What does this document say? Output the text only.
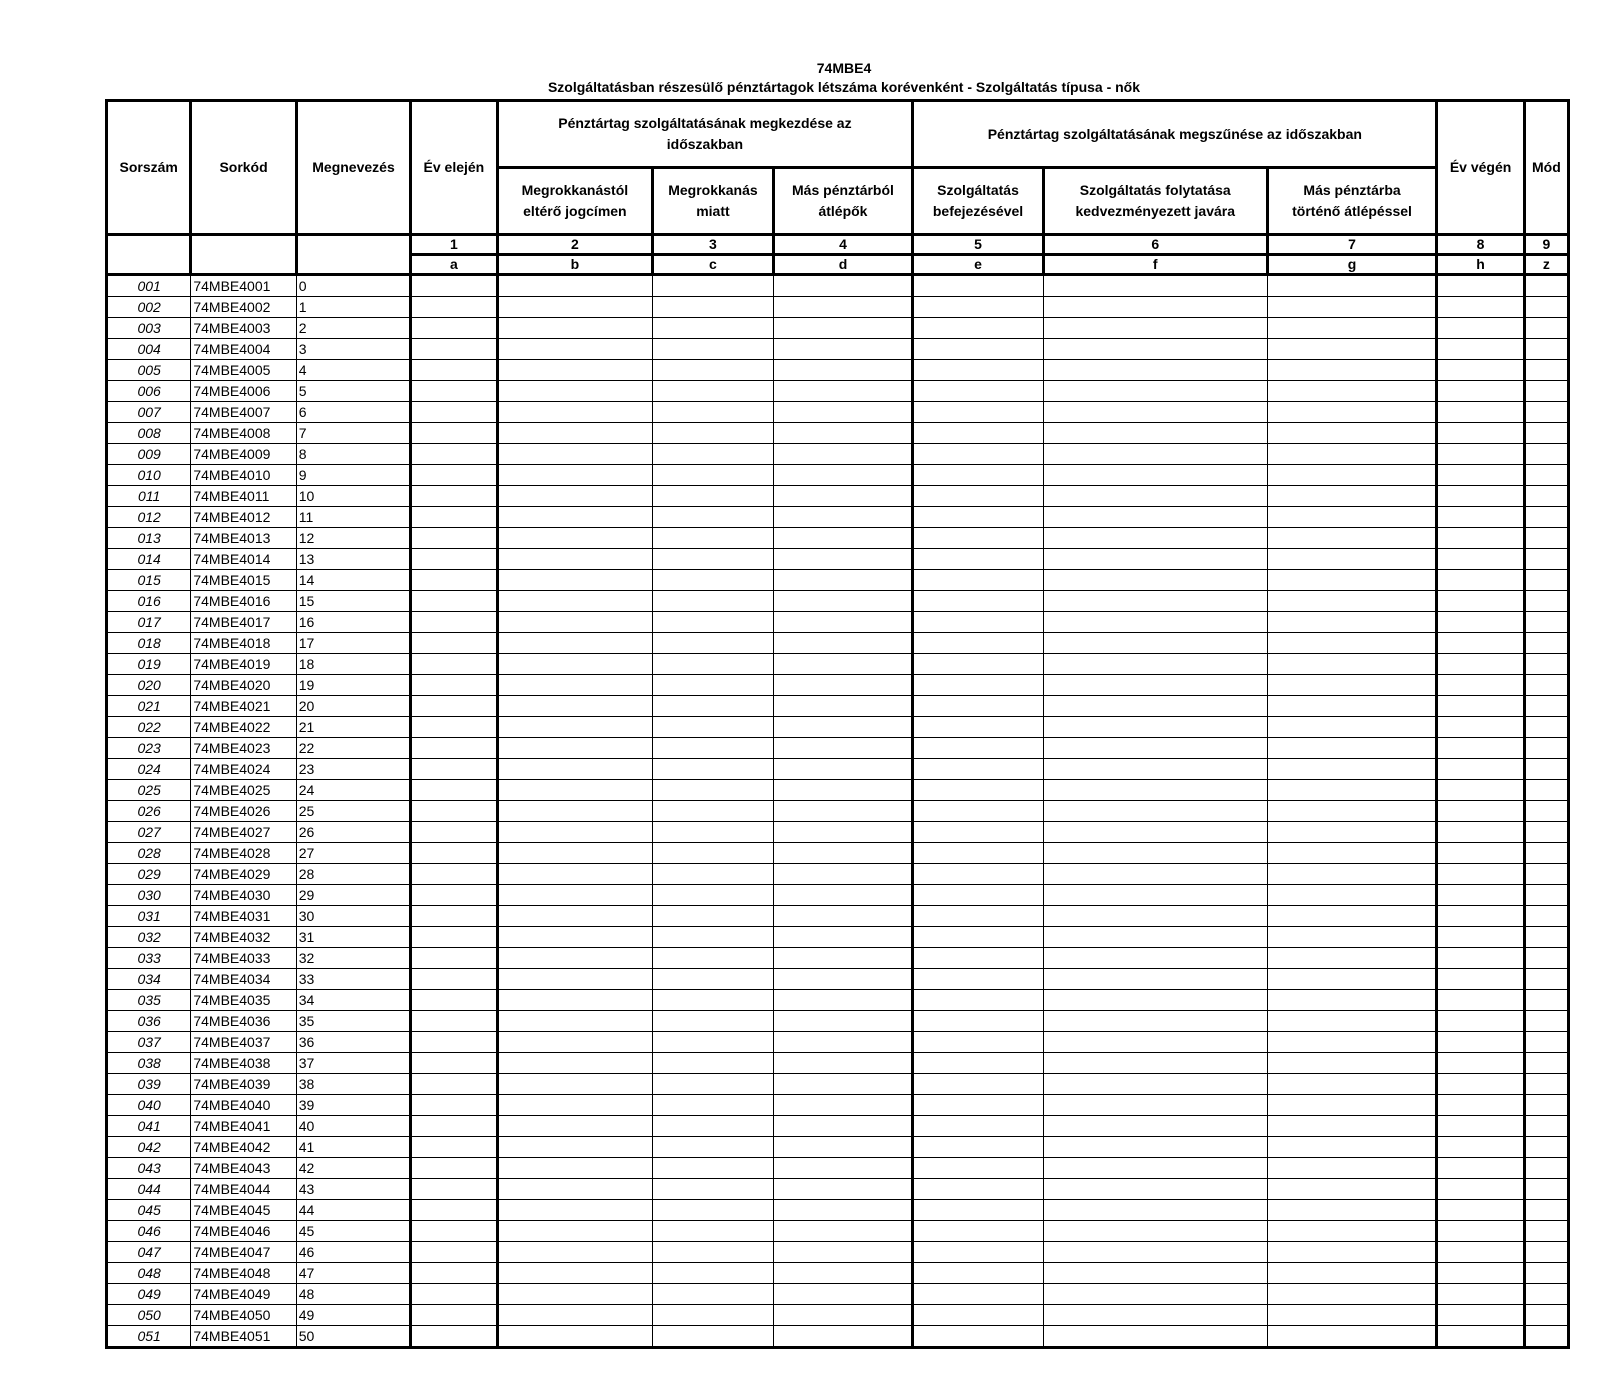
74MBE4
Szolgáltatásban részesülő pénztártagok létszáma korévenként - Szolgáltatás típusa - nők
Sorszám	Sorkód	Megnevezés	Év elején	Pénztártag szolgáltatásának megkezdése az időszakban			Pénztártag szolgáltatásának megszűnése az időszakban			Év végén	Mód
				Megrokkanástól eltérő jogcímen	Megrokkanás miatt	Más pénztárból átlépők	Szolgáltatás befejezésével	Szolgáltatás folytatása kedvezményezett javára	Más pénztárba történő átlépéssel		
			1	2	3	4	5	6	7	8	9
			a	b	c	d	e	f	g	h	z
001	74MBE4001	0									
002	74MBE4002	1									
003	74MBE4003	2									
004	74MBE4004	3									
005	74MBE4005	4									
006	74MBE4006	5									
007	74MBE4007	6									
008	74MBE4008	7									
009	74MBE4009	8									
010	74MBE4010	9									
011	74MBE4011	10									
012	74MBE4012	11									
013	74MBE4013	12									
014	74MBE4014	13									
015	74MBE4015	14									
016	74MBE4016	15									
017	74MBE4017	16									
018	74MBE4018	17									
019	74MBE4019	18									
020	74MBE4020	19									
021	74MBE4021	20									
022	74MBE4022	21									
023	74MBE4023	22									
024	74MBE4024	23									
025	74MBE4025	24									
026	74MBE4026	25									
027	74MBE4027	26									
028	74MBE4028	27									
029	74MBE4029	28									
030	74MBE4030	29									
031	74MBE4031	30									
032	74MBE4032	31									
033	74MBE4033	32									
034	74MBE4034	33									
035	74MBE4035	34									
036	74MBE4036	35									
037	74MBE4037	36									
038	74MBE4038	37									
039	74MBE4039	38									
040	74MBE4040	39									
041	74MBE4041	40									
042	74MBE4042	41									
043	74MBE4043	42									
044	74MBE4044	43									
045	74MBE4045	44									
046	74MBE4046	45									
047	74MBE4047	46									
048	74MBE4048	47									
049	74MBE4049	48									
050	74MBE4050	49									
051	74MBE4051	50									
